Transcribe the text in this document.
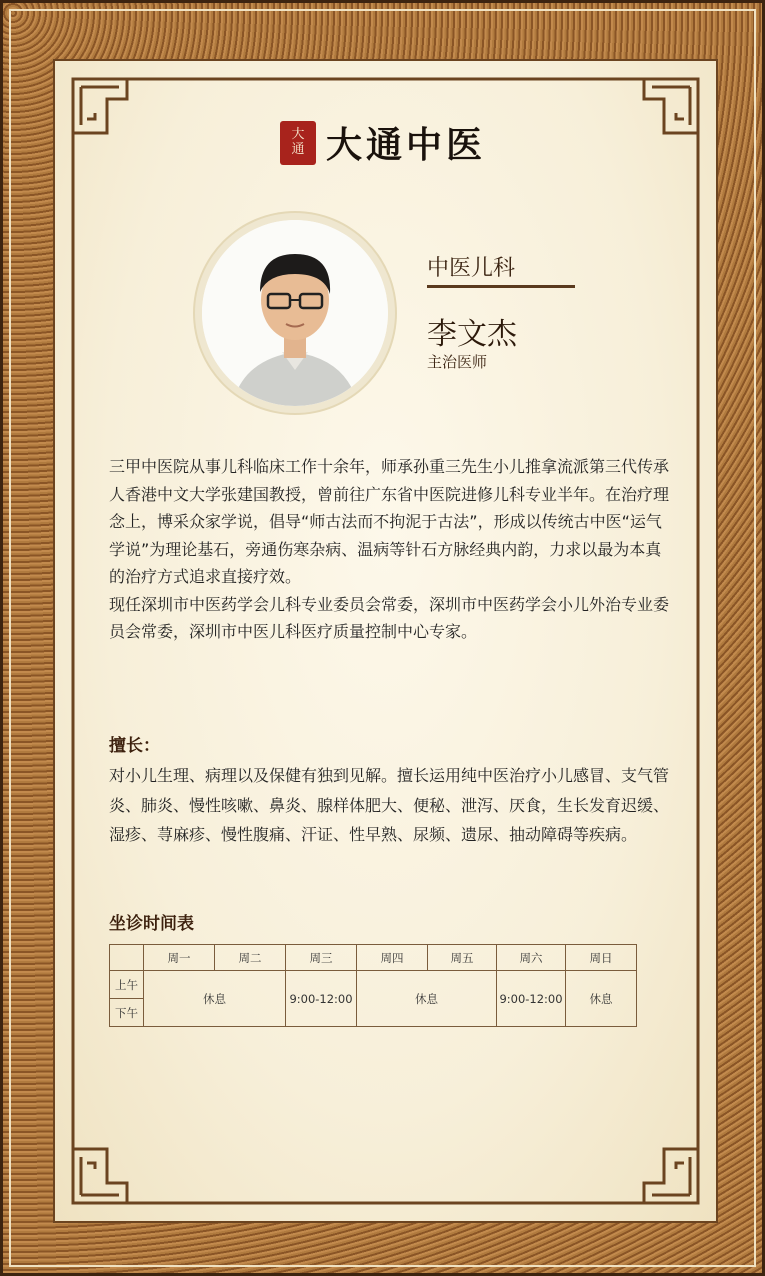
大
通 大通中医
中医儿科
李文杰
主治医师

三甲中医院从事儿科临床工作十余年，师承孙重三先生小儿推拿流派第三代传承人香港中文大学张建国教授，曾前往广东省中医院进修儿科专业半年。在治疗理念上，博采众家学说，倡导“师古法而不拘泥于古法”，形成以传统古中医“运气学说”为理论基石，旁通伤寒杂病、温病等针石方脉经典内韵，力求以最为本真的治疗方式追求直接疗效。

现任深圳市中医药学会儿科专业委员会常委，深圳市中医药学会小儿外治专业委员会常委，深圳市中医儿科医疗质量控制中心专家。

擅长：
对小儿生理、病理以及保健有独到见解。擅长运用纯中医治疗小儿感冒、支气管炎、肺炎、慢性咳嗽、鼻炎、腺样体肥大、便秘、泄泻、厌食，生长发育迟缓、湿疹、荨麻疹、慢性腹痛、汗证、性早熟、尿频、遗尿、抽动障碍等疾病。
坐诊时间表
	周一	周二	周三	周四	周五	周六	周日
上午	休息		9:00-12:00	休息		9:00-12:00	休息
下午							
